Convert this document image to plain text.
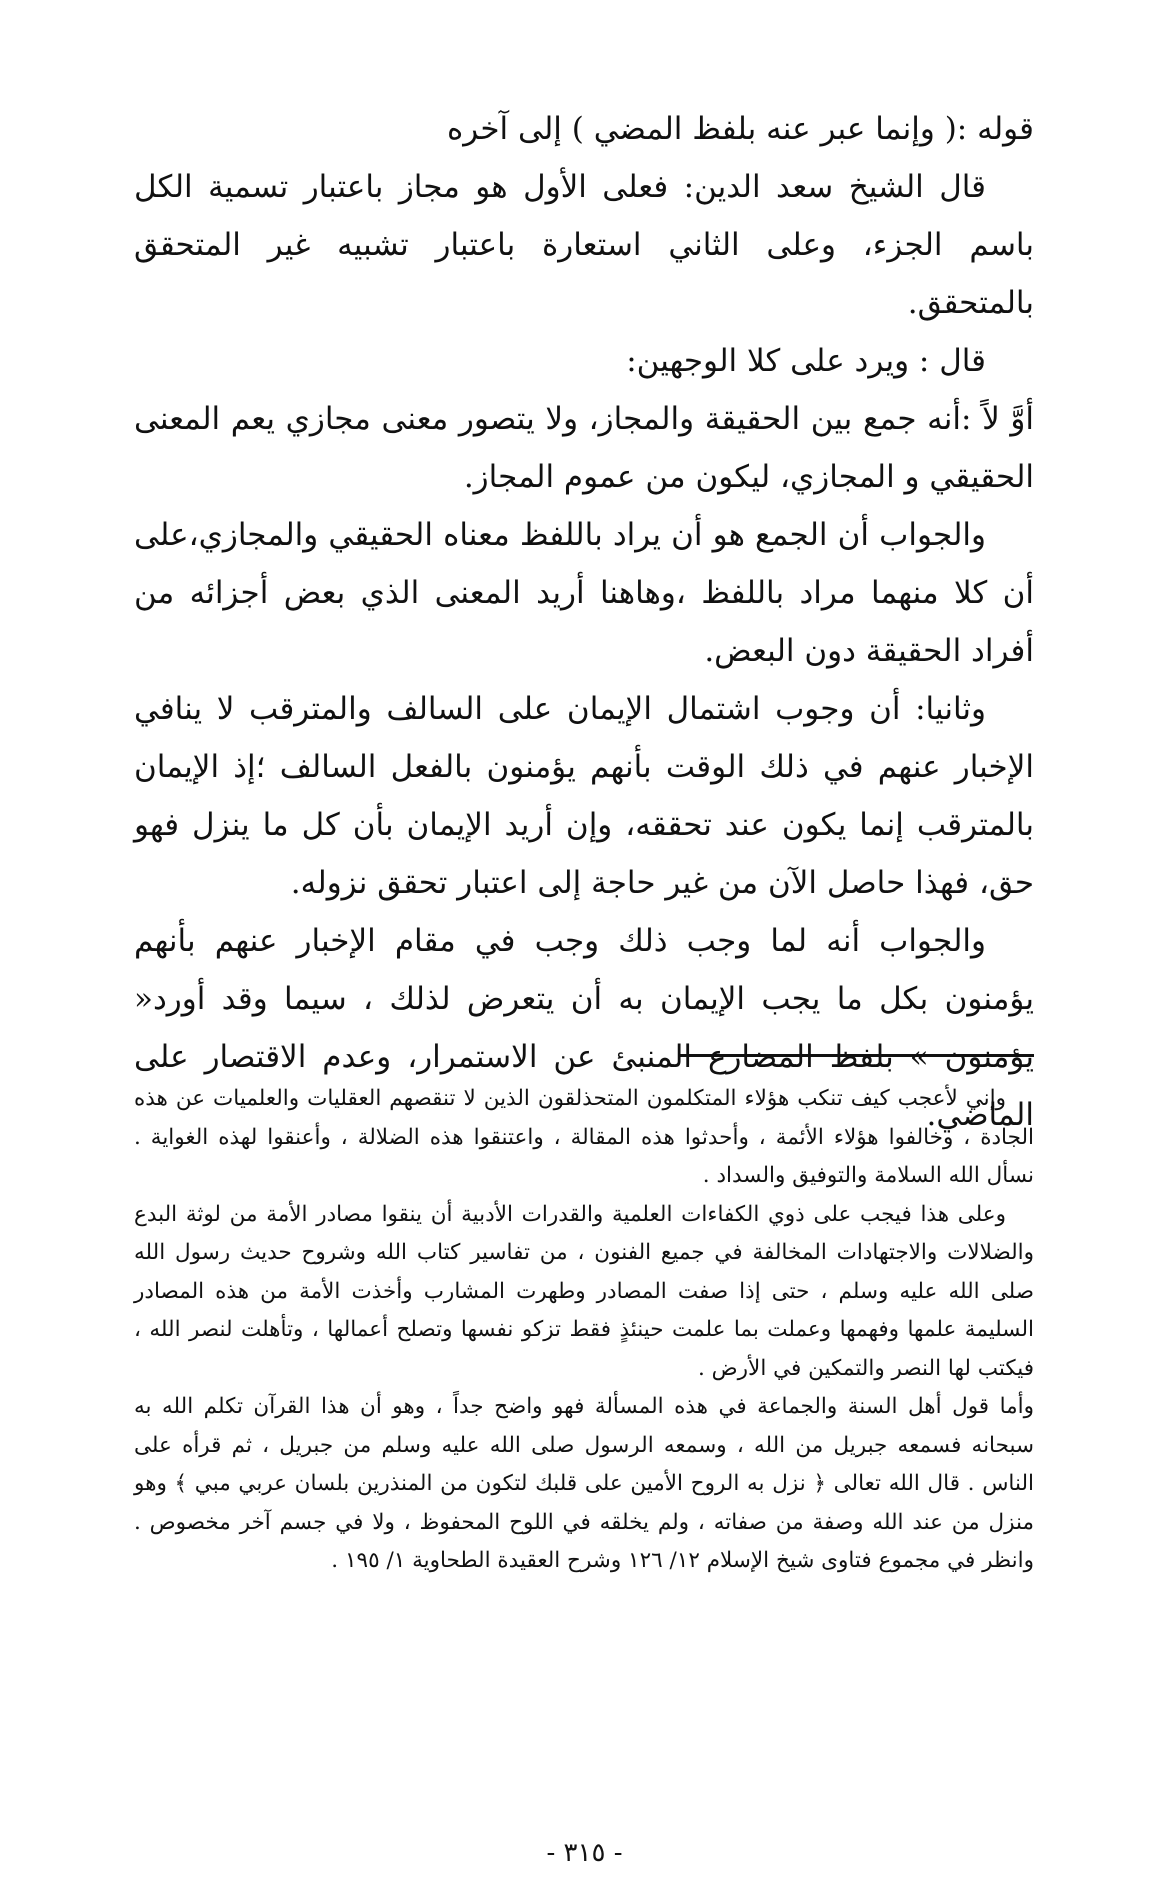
قوله :( وإنما عبر عنه بلفظ المضي ) إلى آخره

قال الشيخ سعد الدين: فعلى الأول هو مجاز باعتبار تسمية الكل باسم الجزء، وعلى الثاني استعارة باعتبار تشبيه غير المتحقق بالمتحقق.

قال : ويرد على كلا الوجهين:

أوَّ لاً :أنه جمع بين الحقيقة والمجاز، ولا يتصور معنى مجازي يعم المعنى الحقيقي و المجازي، ليكون من عموم المجاز.

والجواب أن الجمع هو أن يراد باللفظ معناه الحقيقي والمجازي،على أن كلا منهما مراد باللفظ ،وهاهنا أريد المعنى الذي بعض أجزائه من أفراد الحقيقة دون البعض.

وثانيا: أن وجوب اشتمال الإيمان على السالف والمترقب لا ينافي الإخبار عنهم في ذلك الوقت بأنهم يؤمنون بالفعل السالف ؛إذ الإيمان بالمترقب إنما يكون عند تحققه، وإن أريد الإيمان بأن كل ما ينزل فهو حق، فهذا حاصل الآن من غير حاجة إلى اعتبار تحقق نزوله.

والجواب أنه لما وجب ذلك وجب في مقام الإخبار عنهم بأنهم يؤمنون بكل ما يجب الإيمان به أن يتعرض لذلك ، سيما وقد أورد« يؤمنون » بلفظ المضارع المنبئ عن الاستمرار، وعدم الاقتصار على الماضي.

وإني لأعجب كيف تنكب هؤلاء المتكلمون المتحذلقون الذين لا تنقصهم العقليات والعلميات عن هذه الجادة ، وخالفوا هؤلاء الأئمة ، وأحدثوا هذه المقالة ، واعتنقوا هذه الضلالة ، وأعنقوا لهذه الغواية . نسأل الله السلامة والتوفيق والسداد .

وعلى هذا فيجب على ذوي الكفاءات العلمية والقدرات الأدبية أن ينقوا مصادر الأمة من لوثة البدع والضلالات والاجتهادات المخالفة في جميع الفنون ، من تفاسير كتاب الله وشروح حديث رسول الله صلى الله عليه وسلم ، حتى إذا صفت المصادر وطهرت المشارب وأخذت الأمة من هذه المصادر السليمة علمها وفهمها وعملت بما علمت حينئذٍ فقط تزكو نفسها وتصلح أعمالها ، وتأهلت لنصر الله ، فيكتب لها النصر والتمكين في الأرض .

وأما قول أهل السنة والجماعة في هذه المسألة فهو واضح جداً ، وهو أن هذا القرآن تكلم الله به سبحانه فسمعه جبريل من الله ، وسمعه الرسول صلى الله عليه وسلم من جبريل ، ثم قرأه على الناس . قال الله تعالى ﴿ نزل به الروح الأمين على قلبك لتكون من المنذرين بلسان عربي مبي ﴾ وهو منزل من عند الله وصفة من صفاته ، ولم يخلقه في اللوح المحفوظ ، ولا في جسم آخر مخصوص . وانظر في مجموع فتاوى شيخ الإسلام ١٢/ ١٢٦ وشرح العقيدة الطحاوية ١/ ١٩٥ .

- ٣١٥ -
